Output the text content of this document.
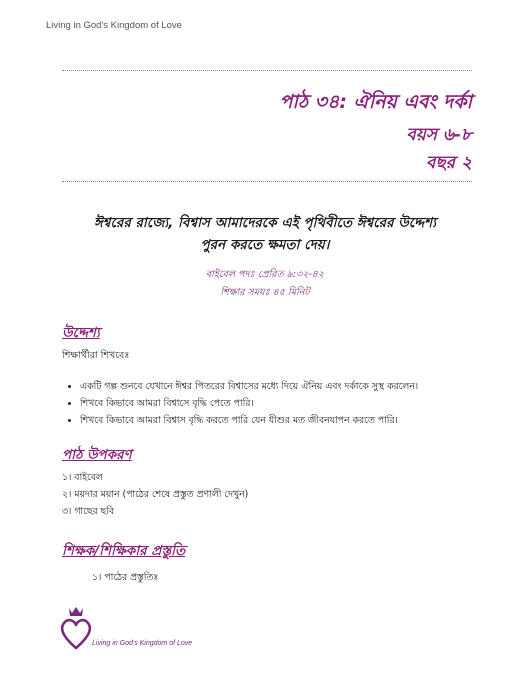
Living in God's Kingdom of Love
পাঠ ৩৪: ঐনিয় এবং দর্কা
বয়স ৬-৮
বছর ২
ঈশ্বরের রাজ্যে, বিশ্বাস আমাদেরকে এই পৃথিবীতে ঈশ্বরের উদ্দেশ্য
পুরন করতে ক্ষমতা দেয়।
বাইবেল পদঃ প্রেরিত ৯:৩২-৪২
শিক্ষার সময়ঃ ৪৫ মিনিট
উদ্দেশ্য
শিক্ষার্থীরা শিখবেঃ
• একটি গল্প শুনবে যেখানে ঈশ্বর পিতরের বিশ্বাসের মধ্যে দিয়ে ঐনিয় এবং দর্কাকে সুস্থ করলেন।
• শিখবে কিভাবে আমরা বিশ্বাসে বৃদ্ধি পেতে পারি।
• শিখবে কিভাবে আমরা বিশ্বাস বৃদ্ধি করতে পারি যেন যীশুর মত জীবনযাপন করতে পারি।
পাঠ উপকরণ
১। বাইবেল
২। ময়দার ময়ান (পাঠের শেষে প্রস্তুত প্রণালী দেখুন)
৩। গাছের ছবি
শিক্ষক/শিক্ষিকার প্রস্তুতি
১। পাঠের প্রস্তুতিঃ
Living in God's Kingdom of Love
